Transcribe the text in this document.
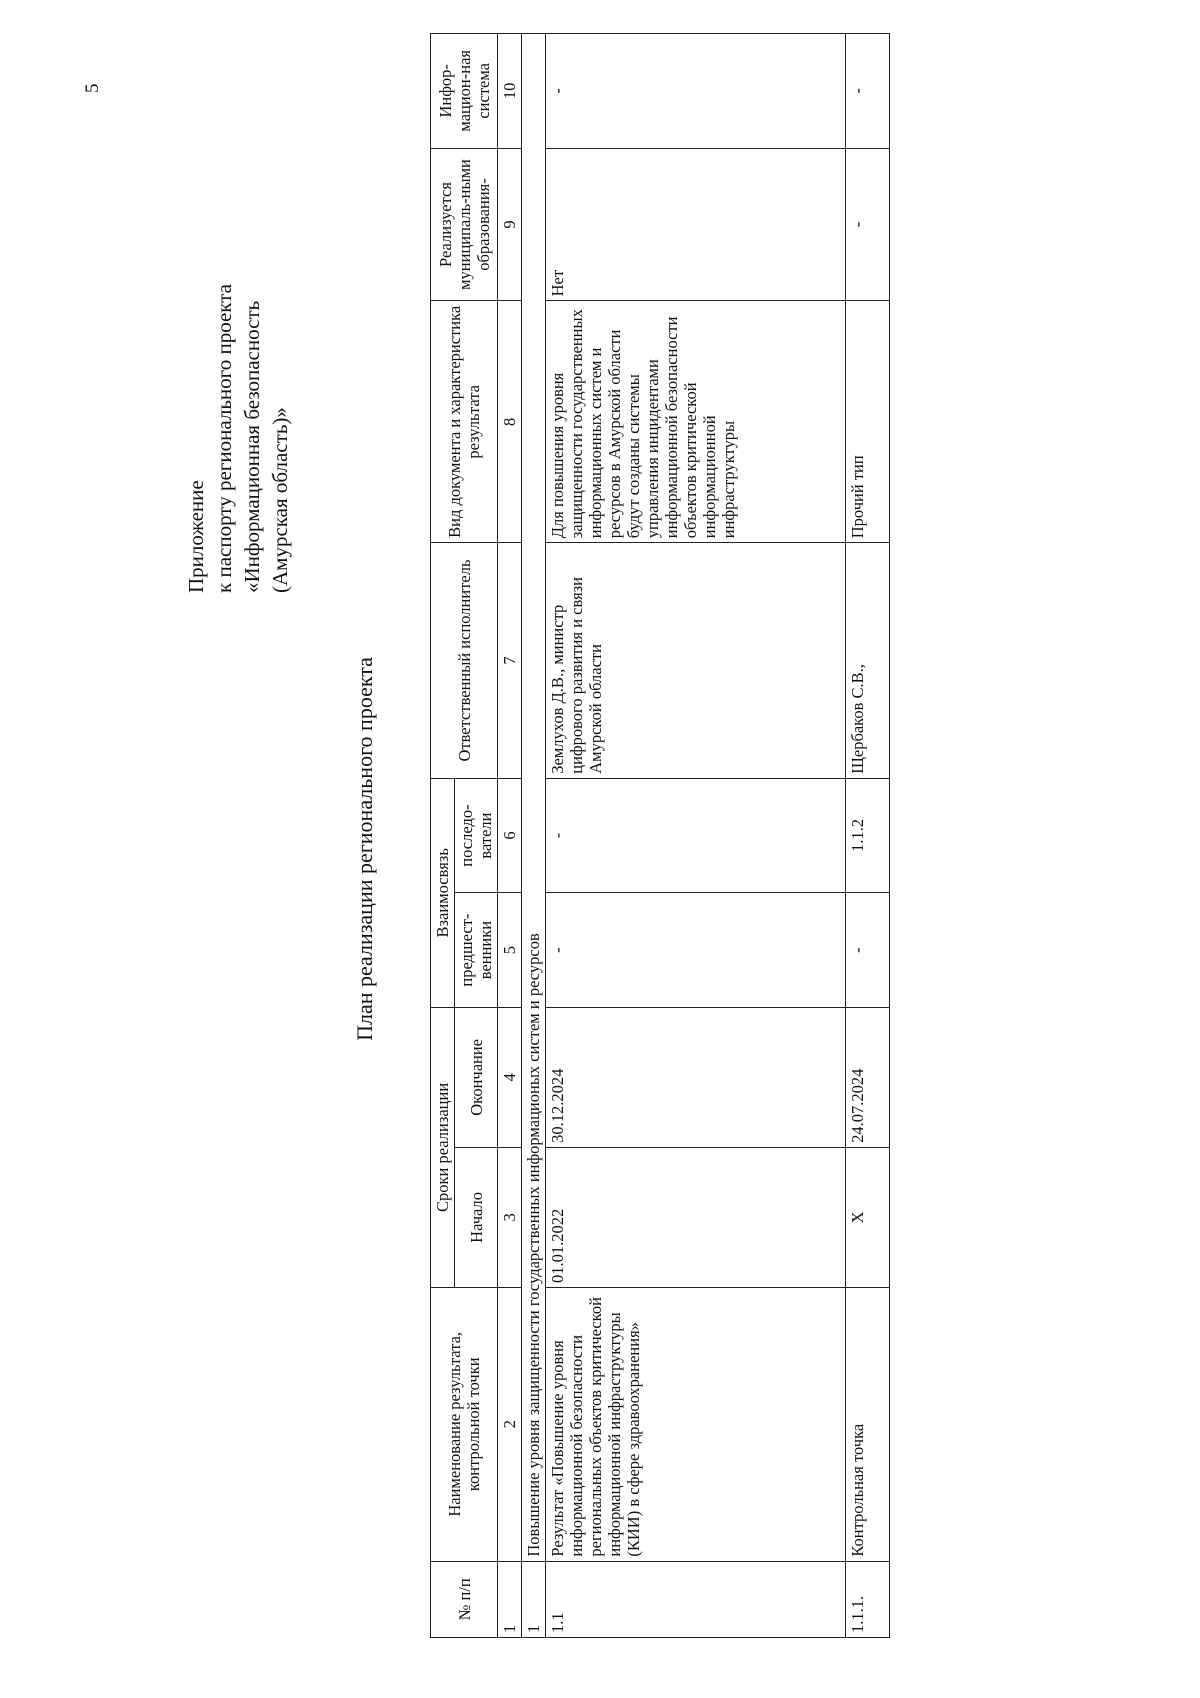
5
Приложение к паспорту регионального проекта «Информационная безопасность (Амурская область)»
План реализации регионального проекта
№ п/п	Наименование результата, контрольной точки	Сроки реализации		Взаимосвязь		Ответственный исполнитель	Вид документа и характеристика результата	Реализуется муниципаль-ными образования-	Инфор-мацион-ная система
		Начало	Окончание	предшест-венники	последо-ватели				
1	2	3	4	5	6	7	8	9	10
1	Повышение уровня защищенности государственных информационых систем и ресурсов								
1.1	Результат «Повышение уровня информационной безопасности региональных объектов критической информационной инфраструктуры (КИИ) в сфере здравоохранения»	01.01.2022	30.12.2024	-	-	Землухов Д.В., министр цифрового развития и связи Амурской области	Для повышения уровня защищенности государственных информационных систем и ресурсов в Амурской области будут созданы системы управления инцидентами информационной безопасности объектов критической информационной инфраструктуры	Нет	-
1.1.1.	Контрольная точка	X	24.07.2024	-	1.1.2	Щербаков С.В.,	Прочий тип	-	-
